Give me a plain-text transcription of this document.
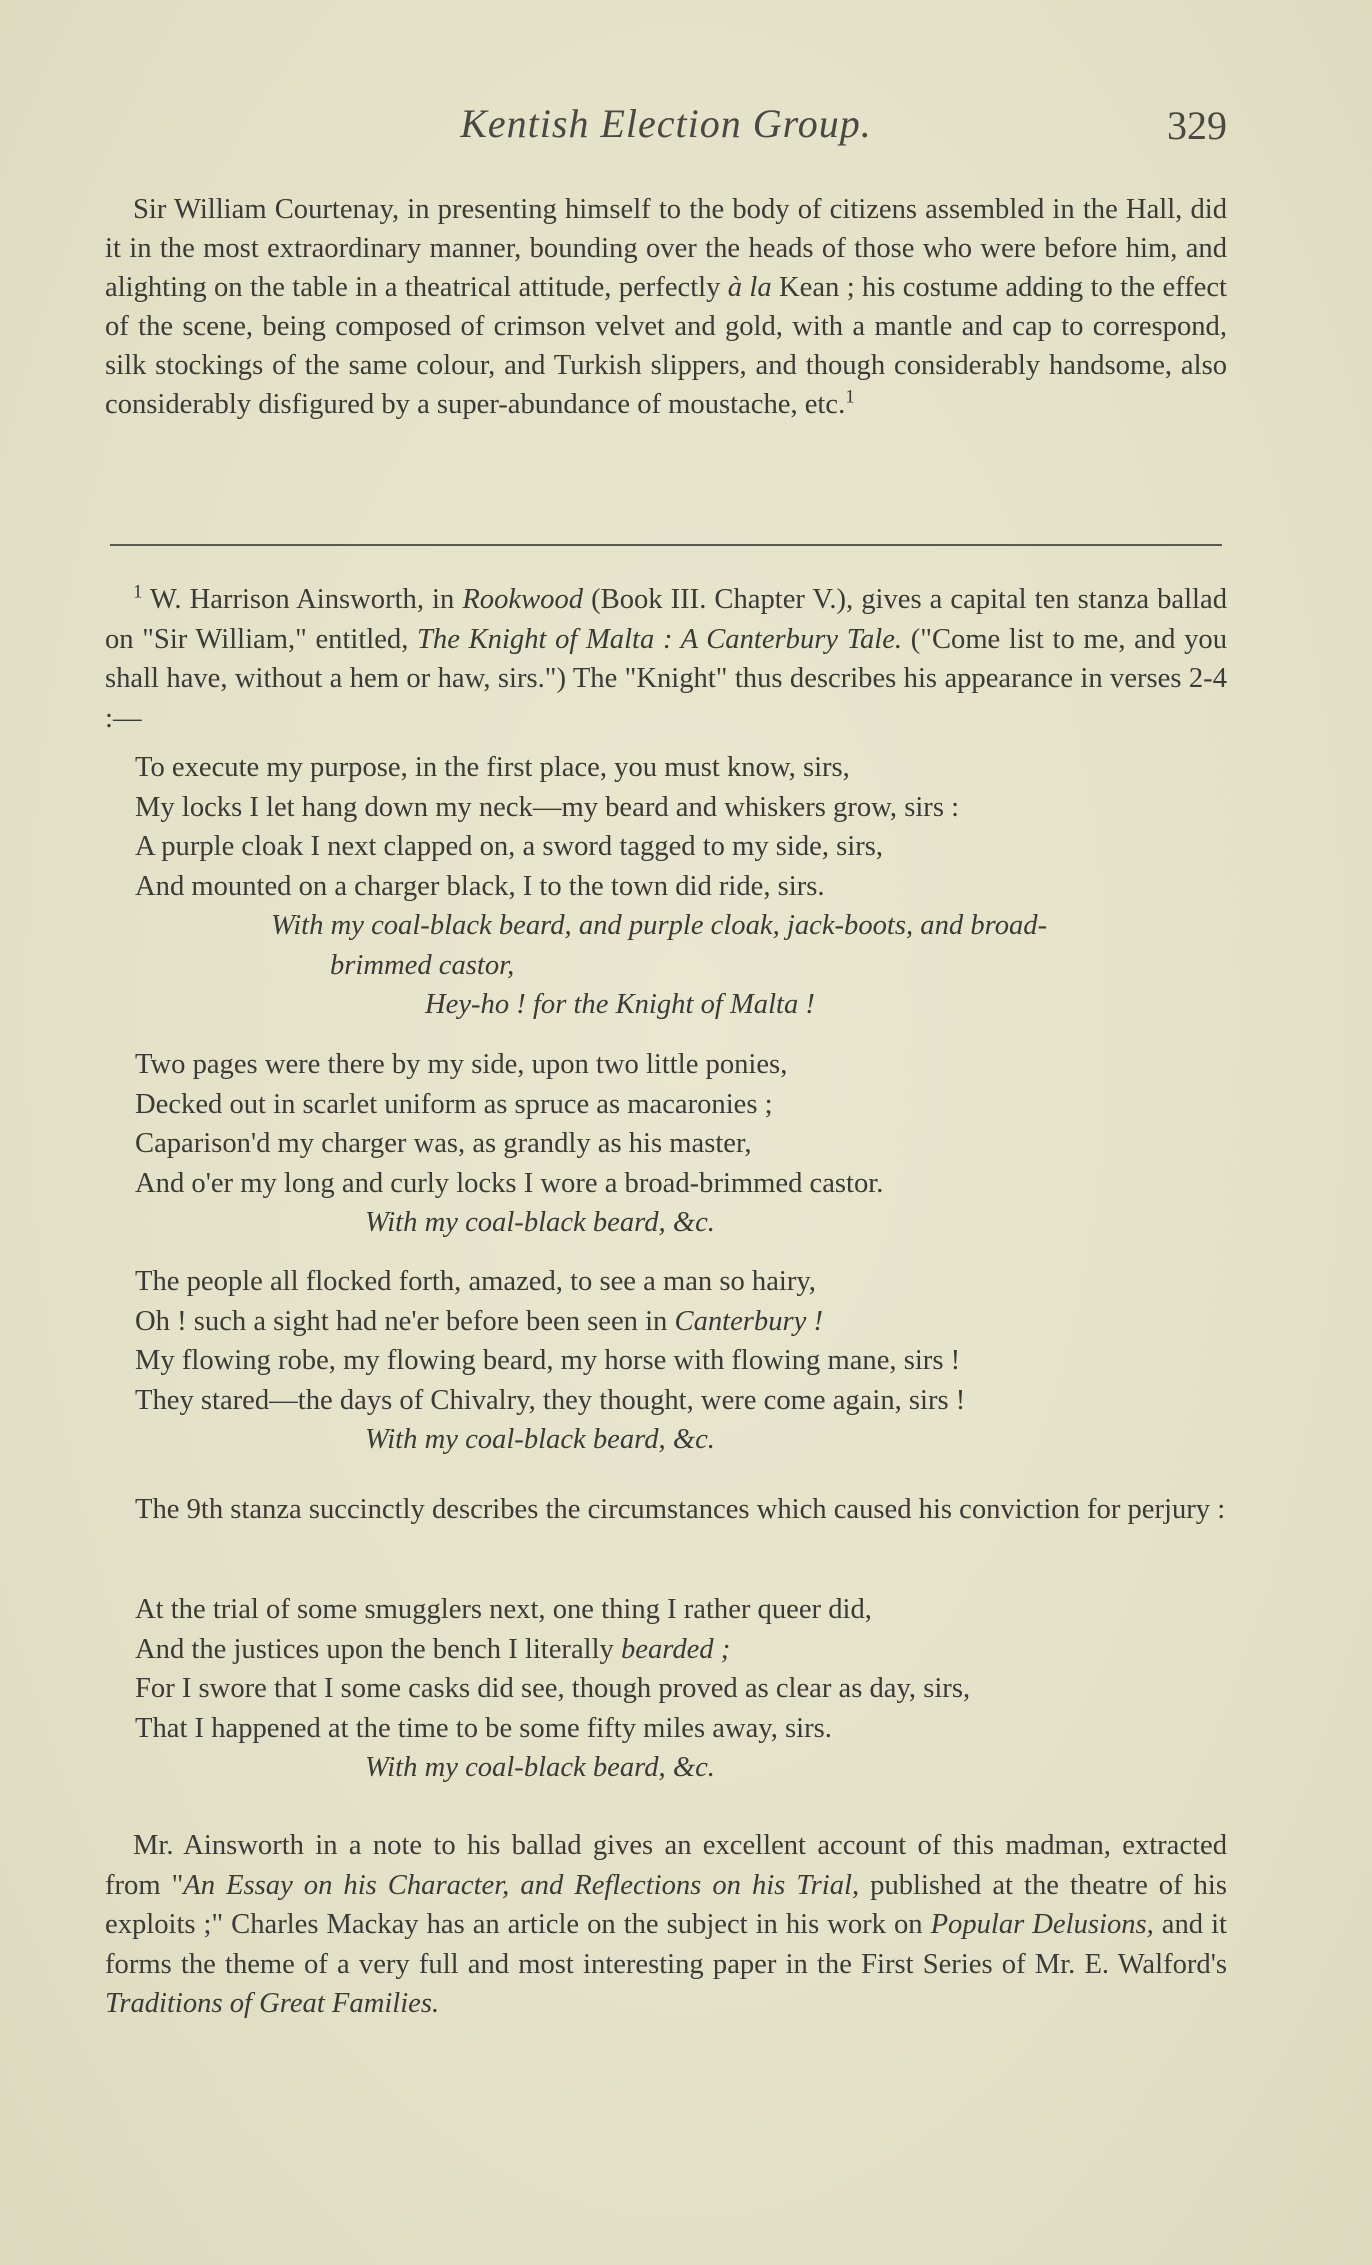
Kentish Election Group.	329
Sir William Courtenay, in presenting himself to the body of citizens assembled in the Hall, did it in the most extraordinary manner, bounding over the heads of those who were before him, and alighting on the table in a theatrical attitude, perfectly à la Kean ; his costume adding to the effect of the scene, being composed of crimson velvet and gold, with a mantle and cap to correspond, silk stockings of the same colour, and Turkish slippers, and though considerably handsome, also considerably disfigured by a super-abundance of moustache, etc.$^1$
$^1$ W. Harrison Ainsworth, in Rookwood (Book III. Chapter V.), gives a capital ten stanza ballad on "Sir William," entitled, The Knight of Malta : A Canterbury Tale. ("Come list to me, and you shall have, without a hem or haw, sirs.") The "Knight" thus describes his appearance in verses 2-4 :—
To execute my purpose, in the first place, you must know, sirs,
My locks I let hang down my neck—my beard and whiskers grow, sirs :
A purple cloak I next clapped on, a sword tagged to my side, sirs,
And mounted on a charger black, I to the town did ride, sirs.
With my coal-black beard, and purple cloak, jack-boots, and broad-
brimmed castor,
Hey-ho ! for the Knight of Malta !
Two pages were there by my side, upon two little ponies,
Decked out in scarlet uniform as spruce as macaronies ;
Caparison'd my charger was, as grandly as his master,
And o'er my long and curly locks I wore a broad-brimmed castor.
With my coal-black beard, &c.
The people all flocked forth, amazed, to see a man so hairy,
Oh ! such a sight had ne'er before been seen in Canterbury !
My flowing robe, my flowing beard, my horse with flowing mane, sirs !
They stared—the days of Chivalry, they thought, were come again, sirs !
With my coal-black beard, &c.
The 9th stanza succinctly describes the circumstances which caused his conviction for perjury :
At the trial of some smugglers next, one thing I rather queer did,
And the justices upon the bench I literally bearded ;
For I swore that I some casks did see, though proved as clear as day, sirs,
That I happened at the time to be some fifty miles away, sirs.
With my coal-black beard, &c.
Mr. Ainsworth in a note to his ballad gives an excellent account of this madman, extracted from "An Essay on his Character, and Reflections on his Trial, published at the theatre of his exploits ;" Charles Mackay has an article on the subject in his work on Popular Delusions, and it forms the theme of a very full and most interesting paper in the First Series of Mr. E. Walford's Traditions of Great Families.
